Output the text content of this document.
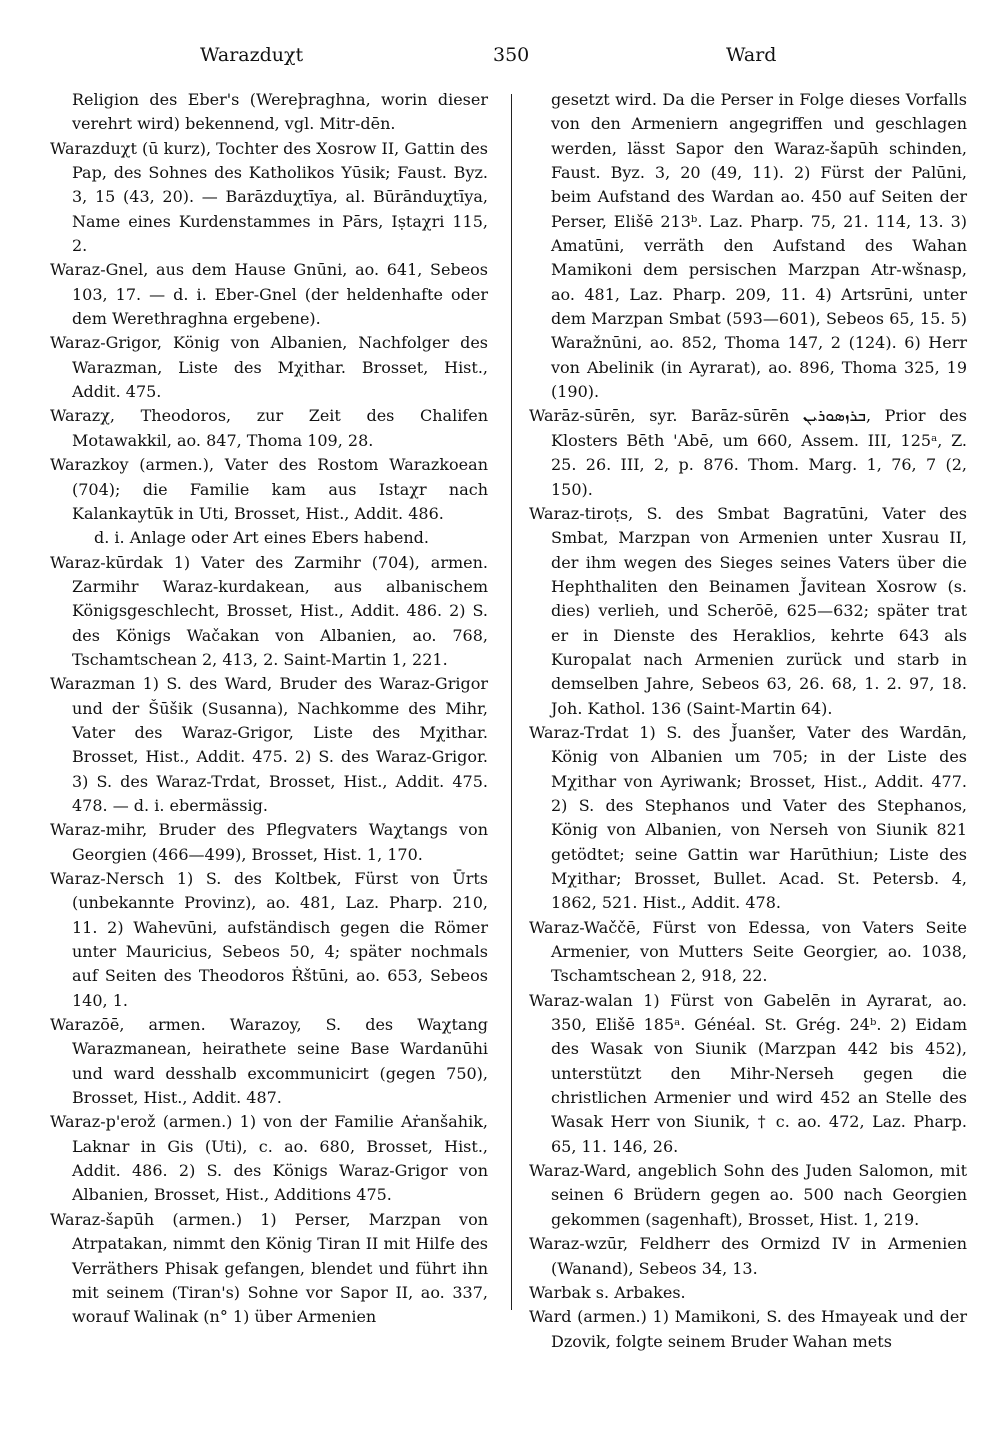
Warazduχt	350	Ward

Religion des Eber's (Wereþraghna, worin dieser verehrt wird) bekennend, vgl. Mitr-dēn.

Warazduχt (ū kurz), Tochter des Xosrow II, Gattin des Pap, des Sohnes des Katholikos Yūsik; Faust. Byz. 3, 15 (43, 20). — Barāzduχtīya, al. Būrānduχtīya, Name eines Kurdenstammes in Pārs, Iṣtaχri 115, 2.

Waraz-Gnel, aus dem Hause Gnūni, ao. 641, Sebeos 103, 17. — d. i. Eber-Gnel (der heldenhafte oder dem Werethraghna ergebene).

Waraz-Grigor, König von Albanien, Nachfolger des Warazman, Liste des Mχithar. Brosset, Hist., Addit. 475.

Warazχ, Theodoros, zur Zeit des Chalifen Motawakkil, ao. 847, Thoma 109, 28.

Warazkoy (armen.), Vater des Rostom Warazkoean (704); die Familie kam aus Istaχr nach Kalankaytūk in Uti, Brosset, Hist., Addit. 486.

d. i. Anlage oder Art eines Ebers habend.

Waraz-kūrdak 1) Vater des Zarmihr (704), armen. Zarmihr Waraz-kurdakean, aus albanischem Königsgeschlecht, Brosset, Hist., Addit. 486. 2) S. des Königs Wačakan von Albanien, ao. 768, Tschamtschean 2, 413, 2. Saint-Martin 1, 221.

Warazman 1) S. des Ward, Bruder des Waraz-Grigor und der Šūšik (Susanna), Nachkomme des Mihr, Vater des Waraz-Grigor, Liste des Mχithar. Brosset, Hist., Addit. 475. 2) S. des Waraz-Grigor. 3) S. des Waraz-Trdat, Brosset, Hist., Addit. 475. 478. — d. i. ebermässig.

Waraz-mihr, Bruder des Pflegvaters Waχtangs von Georgien (466—499), Brosset, Hist. 1, 170.

Waraz-Nersch 1) S. des Koltbek, Fürst von Ūrts (unbekannte Provinz), ao. 481, Laz. Pharp. 210, 11. 2) Wahevūni, aufständisch gegen die Römer unter Mauricius, Sebeos 50, 4; später nochmals auf Seiten des Theodoros Ṙštūni, ao. 653, Sebeos 140, 1.

Warazōē, armen. Warazoy, S. des Waχtang Warazmanean, heirathete seine Base Wardanūhi und ward desshalb excommunicirt (gegen 750), Brosset, Hist., Addit. 487.

Waraz-p'erož (armen.) 1) von der Familie Aṙanšahik, Laknar in Gis (Uti), c. ao. 680, Brosset, Hist., Addit. 486. 2) S. des Königs Waraz-Grigor von Albanien, Brosset, Hist., Additions 475.

Waraz-šapūh (armen.) 1) Perser, Marzpan von Atrpatakan, nimmt den König Tiran II mit Hilfe des Verräthers Phisak gefangen, blendet und führt ihn mit seinem (Tiran's) Sohne vor Sapor II, ao. 337, worauf Walinak (n° 1) über Armenien

gesetzt wird. Da die Perser in Folge dieses Vorfalls von den Armeniern angegriffen und geschlagen werden, lässt Sapor den Waraz-šapūh schinden, Faust. Byz. 3, 20 (49, 11). 2) Fürst der Palūni, beim Aufstand des Wardan ao. 450 auf Seiten der Perser, Elišē 213ᵇ. Laz. Pharp. 75, 21. 114, 13. 3) Amatūni, verräth den Aufstand des Wahan Mamikoni dem persischen Marzpan Atr-wšnasp, ao. 481, Laz. Pharp. 209, 11. 4) Artsrūni, unter dem Marzpan Smbat (593—601), Sebeos 65, 15. 5) Waražnūni, ao. 852, Thoma 147, 2 (124). 6) Herr von Abelinik (in Ayrarat), ao. 896, Thoma 325, 19 (190).

Warāz-sūrēn, syr. Barāz-sūrēn ܒܪܙܣܘܪܝܢ, Prior des Klosters Bēth 'Abē, um 660, Assem. III, 125ᵃ, Z. 25. 26. III, 2, p. 876. Thom. Marg. 1, 76, 7 (2, 150).

Waraz-tiroṭs, S. des Smbat Bagratūni, Vater des Smbat, Marzpan von Armenien unter Xusrau II, der ihm wegen des Sieges seines Vaters über die Hephthaliten den Beinamen J̌avitean Xosrow (s. dies) verlieh, und Scherōē, 625—632; später trat er in Dienste des Heraklios, kehrte 643 als Kuropalat nach Armenien zurück und starb in demselben Jahre, Sebeos 63, 26. 68, 1. 2. 97, 18. Joh. Kathol. 136 (Saint-Martin 64).

Waraz-Trdat 1) S. des J̌uanšer, Vater des Wardān, König von Albanien um 705; in der Liste des Mχithar von Ayriwank; Brosset, Hist., Addit. 477. 2) S. des Stephanos und Vater des Stephanos, König von Albanien, von Nerseh von Siunik 821 getödtet; seine Gattin war Harūthiun; Liste des Mχithar; Brosset, Bullet. Acad. St. Petersb. 4, 1862, 521. Hist., Addit. 478.

Waraz-Waččē, Fürst von Edessa, von Vaters Seite Armenier, von Mutters Seite Georgier, ao. 1038, Tschamtschean 2, 918, 22.

Waraz-walan 1) Fürst von Gabelēn in Ayrarat, ao. 350, Elišē 185ᵃ. Généal. St. Grég. 24ᵇ. 2) Eidam des Wasak von Siunik (Marzpan 442 bis 452), unterstützt den Mihr-Nerseh gegen die christlichen Armenier und wird 452 an Stelle des Wasak Herr von Siunik, † c. ao. 472, Laz. Pharp. 65, 11. 146, 26.

Waraz-Ward, angeblich Sohn des Juden Salomon, mit seinen 6 Brüdern gegen ao. 500 nach Georgien gekommen (sagenhaft), Brosset, Hist. 1, 219.

Waraz-wzūr, Feldherr des Ormizd IV in Armenien (Wanand), Sebeos 34, 13.

Warbak s. Arbakes.

Ward (armen.) 1) Mamikoni, S. des Hmayeak und der Dzovik, folgte seinem Bruder Wahan mets
